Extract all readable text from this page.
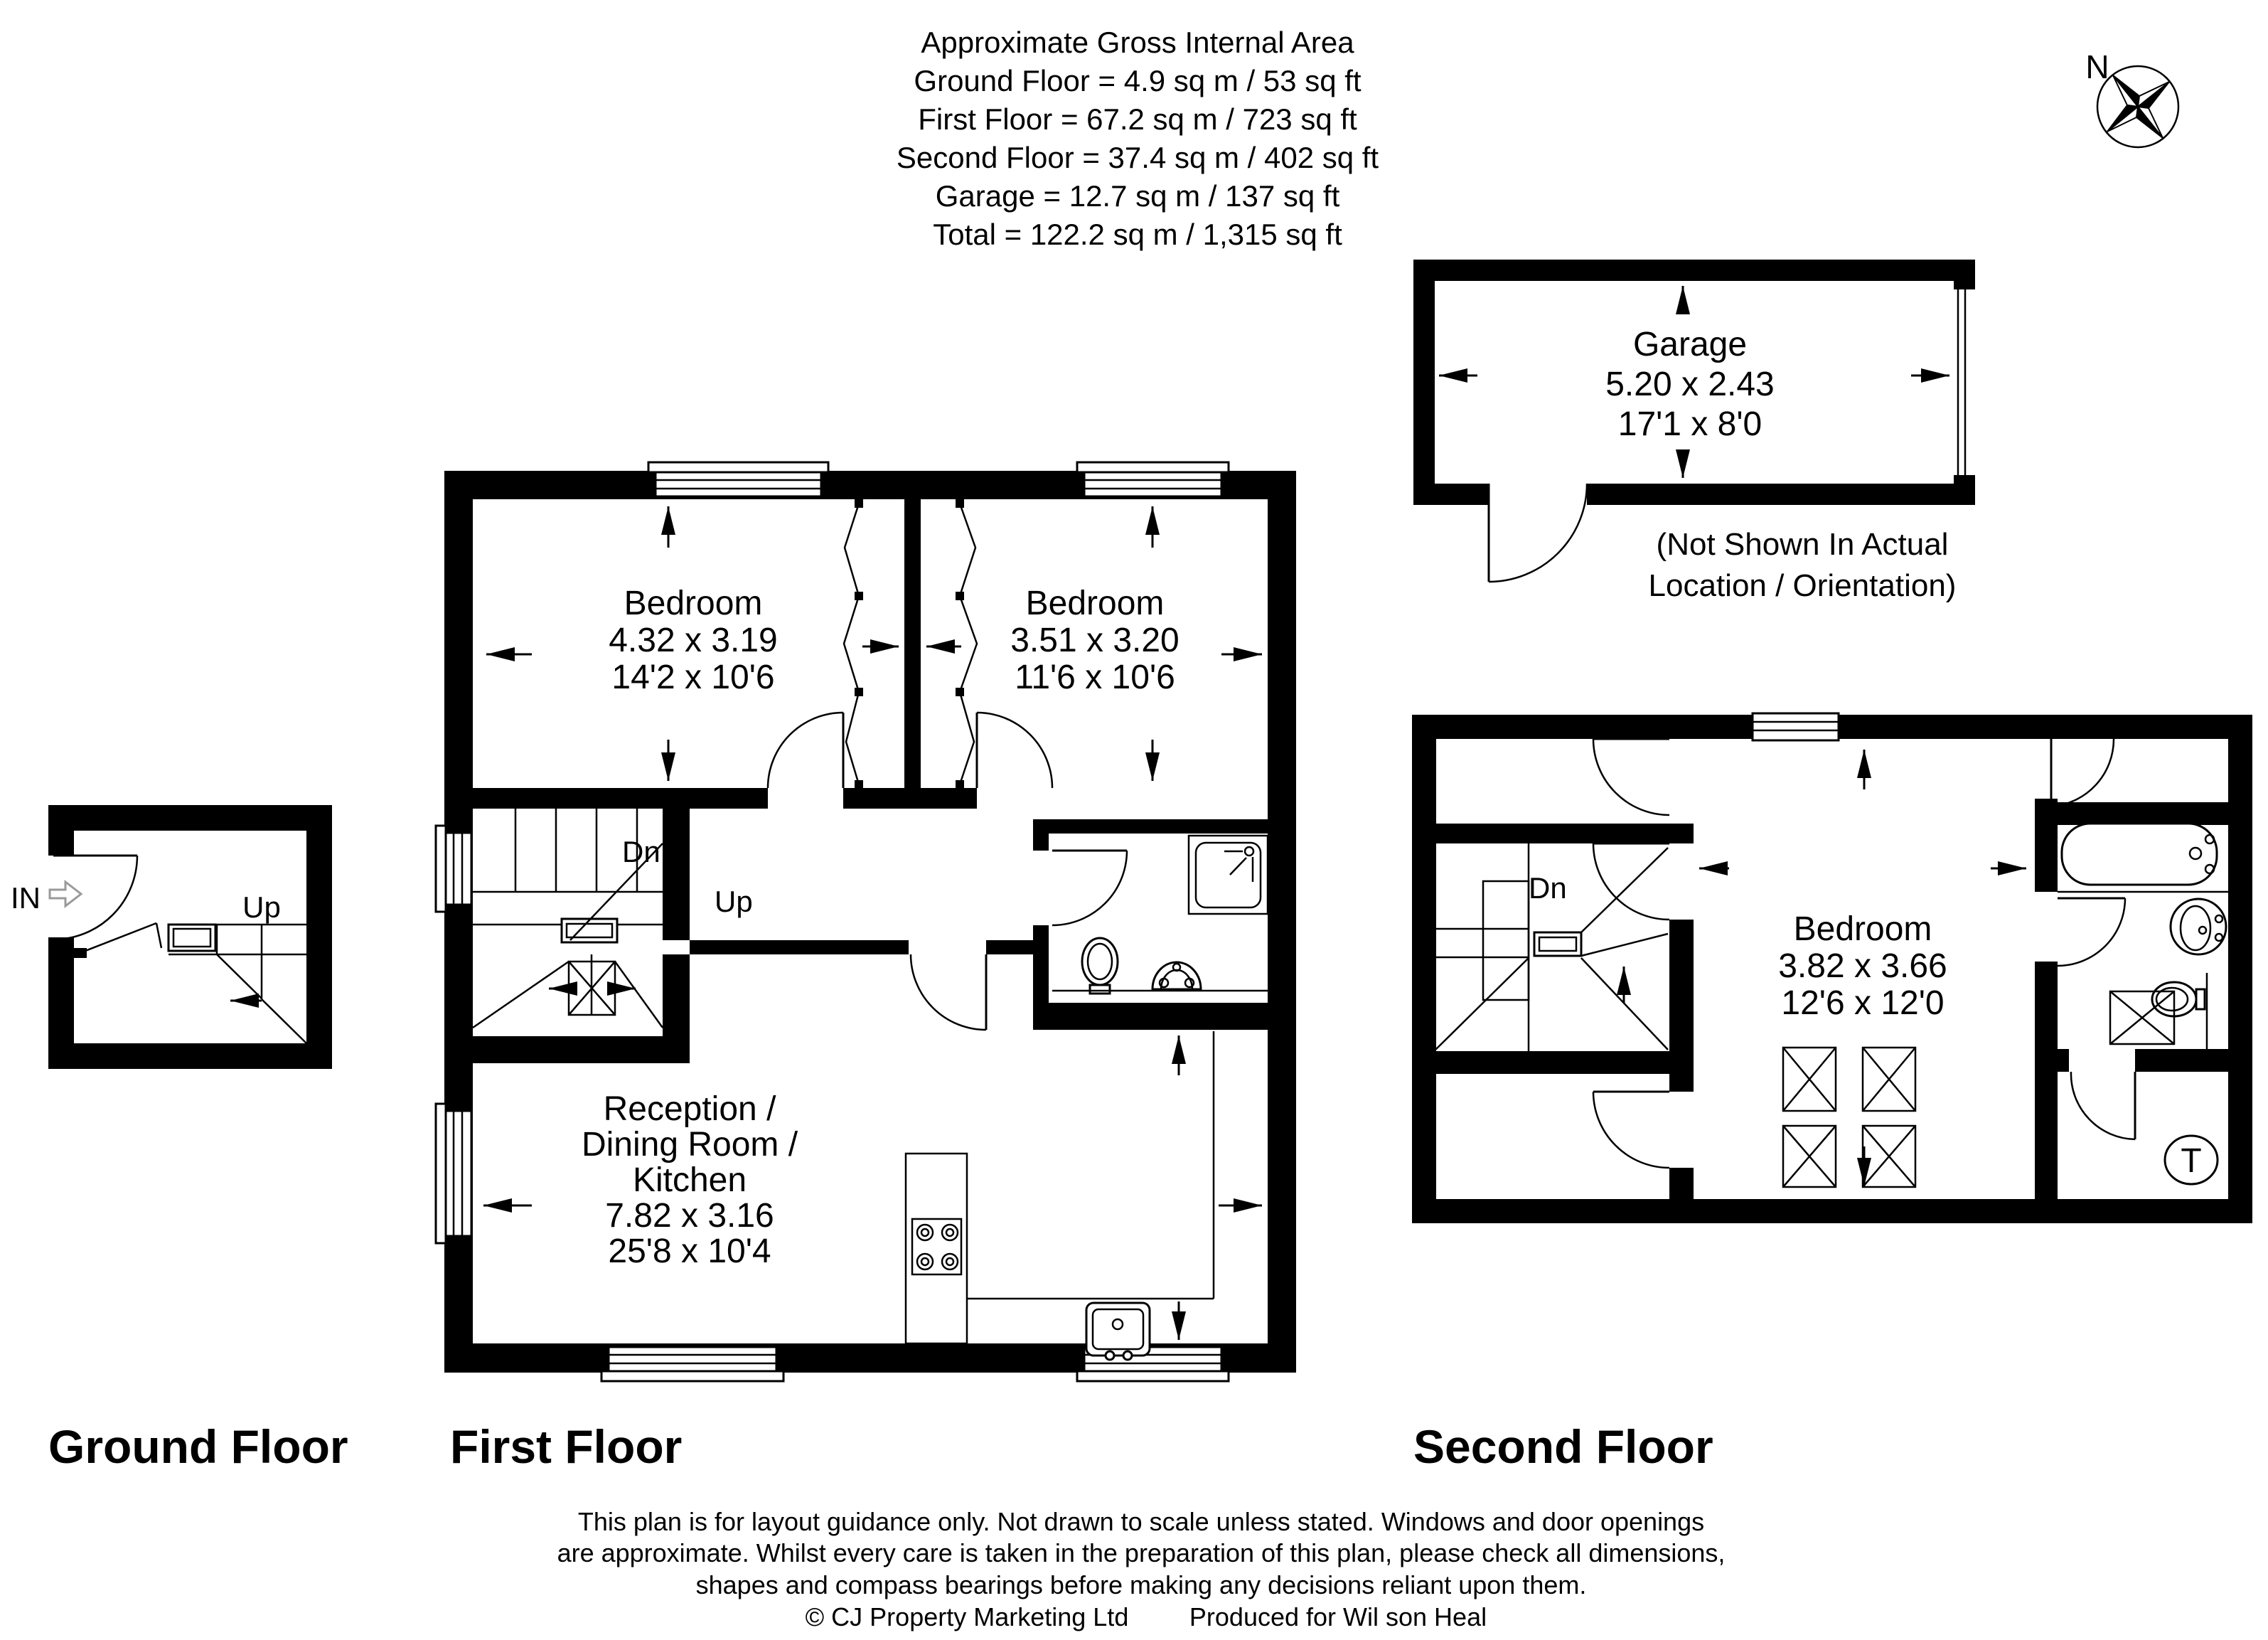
Approximate Gross Internal Area
Ground Floor = 4.9 sq m / 53 sq ft
First Floor = 67.2 sq m / 723 sq ft
Second Floor = 37.4 sq m / 402 sq ft
Garage = 12.7 sq m / 137 sq ft
Total = 122.2 sq m / 1,315 sq ft
N
Garage
5.20 x 2.43
17'1 x 8'0
(Not Shown In Actual
Location / Orientation)
IN	Up
Bedroom
4.32 x 3.19
14'2 x 10'6
Bedroom
3.51 x 3.20
11'6 x 10'6
Dn
Up
Reception /
Dining Room /
Kitchen
7.82 x 3.16
25'8 x 10'4
T
Dn
Bedroom
3.82 x 3.66
12'6 x 12'0
Ground Floor First Floor	Second Floor
This plan is for layout guidance only. Not drawn to scale unless stated. Windows and door openings
are approximate. Whilst every care is taken in the preparation of this plan, please check all dimensions,
shapes and compass bearings before making any decisions reliant upon them.
© CJ Property Marketing Ltd Produced for Wil son Heal
